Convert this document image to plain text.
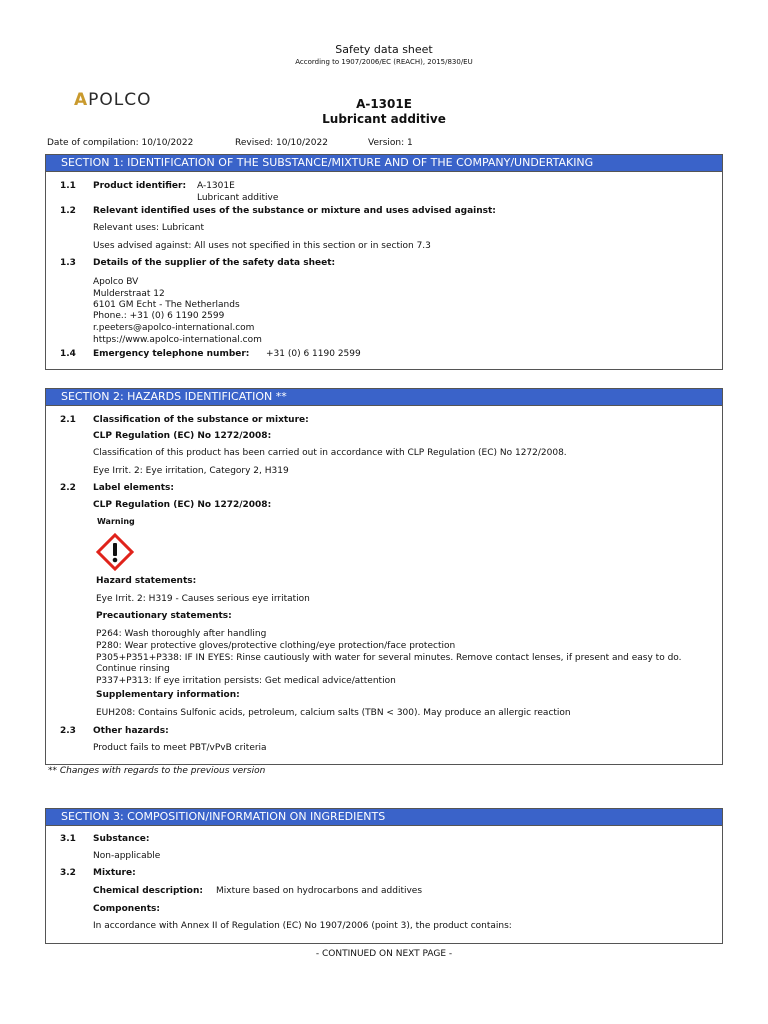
Safety data sheet
According to 1907/2006/EC (REACH), 2015/830/EU
APOLCO	A-1301E
Lubricant additive
Date of compilation: 10/10/2022	Revised: 10/10/2022	Version: 1
SECTION 1: IDENTIFICATION OF THE SUBSTANCE/MIXTURE AND OF THE COMPANY/UNDERTAKING
1.1 Product identifier: A-1301E
Lubricant additive
1.2 Relevant identified uses of the substance or mixture and uses advised against:
Relevant uses: Lubricant
Uses advised against: All uses not specified in this section or in section 7.3
1.3 Details of the supplier of the safety data sheet:
Apolco BV
Mulderstraat 12
6101 GM Echt - The Netherlands
Phone.: +31 (0) 6 1190 2599
r.peeters@apolco-international.com
https://www.apolco-international.com
1.4 Emergency telephone number: +31 (0) 6 1190 2599
SECTION 2: HAZARDS IDENTIFICATION **
2.1 Classification of the substance or mixture:
CLP Regulation (EC) No 1272/2008:
Classification of this product has been carried out in accordance with CLP Regulation (EC) No 1272/2008.
Eye Irrit. 2: Eye irritation, Category 2, H319
2.2 Label elements:
CLP Regulation (EC) No 1272/2008:
Warning
Hazard statements:
Eye Irrit. 2: H319 - Causes serious eye irritation
Precautionary statements:
P264: Wash thoroughly after handling
P280: Wear protective gloves/protective clothing/eye protection/face protection
P305+P351+P338: IF IN EYES: Rinse cautiously with water for several minutes. Remove contact lenses, if present and easy to do.
Continue rinsing
P337+P313: If eye irritation persists: Get medical advice/attention
Supplementary information:
EUH208: Contains Sulfonic acids, petroleum, calcium salts (TBN < 300). May produce an allergic reaction
2.3 Other hazards:
Product fails to meet PBT/vPvB criteria
** Changes with regards to the previous version
SECTION 3: COMPOSITION/INFORMATION ON INGREDIENTS
3.1 Substance:
Non-applicable
3.2 Mixture:
Chemical description: Mixture based on hydrocarbons and additives
Components:
In accordance with Annex II of Regulation (EC) No 1907/2006 (point 3), the product contains:
- CONTINUED ON NEXT PAGE -
